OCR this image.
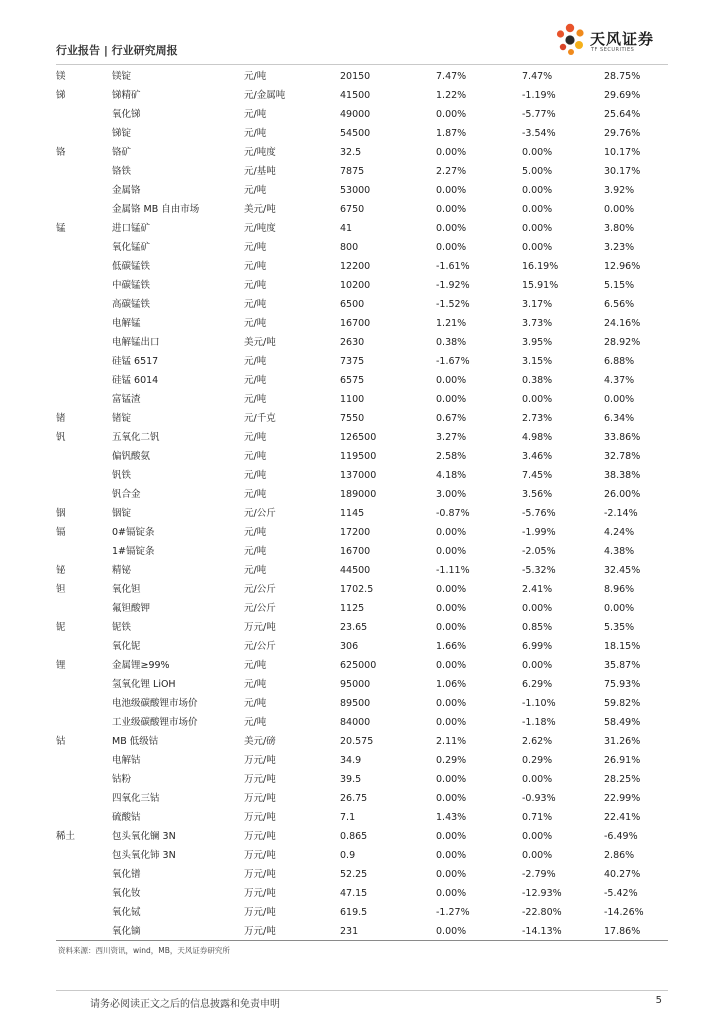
行业报告 | 行业研究周报
天风证券
TF SECURITIES
镁	镁锭	元/吨	20150	7.47%	7.47%	28.75%
锑	锑精矿	元/金属吨	41500	1.22%	-1.19%	29.69%
	氧化锑	元/吨	49000	0.00%	-5.77%	25.64%
	锑锭	元/吨	54500	1.87%	-3.54%	29.76%
铬	铬矿	元/吨度	32.5	0.00%	0.00%	10.17%
	铬铁	元/基吨	7875	2.27%	5.00%	30.17%
	金属铬	元/吨	53000	0.00%	0.00%	3.92%
	金属铬 MB 自由市场	美元/吨	6750	0.00%	0.00%	0.00%
锰	进口锰矿	元/吨度	41	0.00%	0.00%	3.80%
	氧化锰矿	元/吨	800	0.00%	0.00%	3.23%
	低碳锰铁	元/吨	12200	-1.61%	16.19%	12.96%
	中碳锰铁	元/吨	10200	-1.92%	15.91%	5.15%
	高碳锰铁	元/吨	6500	-1.52%	3.17%	6.56%
	电解锰	元/吨	16700	1.21%	3.73%	24.16%
	电解锰出口	美元/吨	2630	0.38%	3.95%	28.92%
	硅锰 6517	元/吨	7375	-1.67%	3.15%	6.88%
	硅锰 6014	元/吨	6575	0.00%	0.38%	4.37%
	富锰渣	元/吨	1100	0.00%	0.00%	0.00%
锗	锗锭	元/千克	7550	0.67%	2.73%	6.34%
钒	五氧化二钒	元/吨	126500	3.27%	4.98%	33.86%
	偏钒酸氨	元/吨	119500	2.58%	3.46%	32.78%
	钒铁	元/吨	137000	4.18%	7.45%	38.38%
	钒合金	元/吨	189000	3.00%	3.56%	26.00%
铟	铟锭	元/公斤	1145	-0.87%	-5.76%	-2.14%
镉	0#镉锭条	元/吨	17200	0.00%	-1.99%	4.24%
	1#镉锭条	元/吨	16700	0.00%	-2.05%	4.38%
铋	精铋	元/吨	44500	-1.11%	-5.32%	32.45%
钽	氧化钽	元/公斤	1702.5	0.00%	2.41%	8.96%
	氟钽酸钾	元/公斤	1125	0.00%	0.00%	0.00%
铌	铌铁	万元/吨	23.65	0.00%	0.85%	5.35%
	氧化铌	元/公斤	306	1.66%	6.99%	18.15%
锂	金属锂≥99%	元/吨	625000	0.00%	0.00%	35.87%
	氢氧化锂 LiOH	元/吨	95000	1.06%	6.29%	75.93%
	电池级碳酸锂市场价	元/吨	89500	0.00%	-1.10%	59.82%
	工业级碳酸锂市场价	元/吨	84000	0.00%	-1.18%	58.49%
钴	MB 低级钴	美元/磅	20.575	2.11%	2.62%	31.26%
	电解钴	万元/吨	34.9	0.29%	0.29%	26.91%
	钴粉	万元/吨	39.5	0.00%	0.00%	28.25%
	四氧化三钴	万元/吨	26.75	0.00%	-0.93%	22.99%
	硫酸钴	万元/吨	7.1	1.43%	0.71%	22.41%
稀土	包头氧化镧 3N	万元/吨	0.865	0.00%	0.00%	-6.49%
	包头氧化铈 3N	万元/吨	0.9	0.00%	0.00%	2.86%
	氧化镨	万元/吨	52.25	0.00%	-2.79%	40.27%
	氧化钕	万元/吨	47.15	0.00%	-12.93%	-5.42%
	氧化铽	万元/吨	619.5	-1.27%	-22.80%	-14.26%
	氧化镝	万元/吨	231	0.00%	-14.13%	17.86%
资料来源：西川资讯，wind，MB，天风证券研究所
请务必阅读正文之后的信息披露和免责申明	5
